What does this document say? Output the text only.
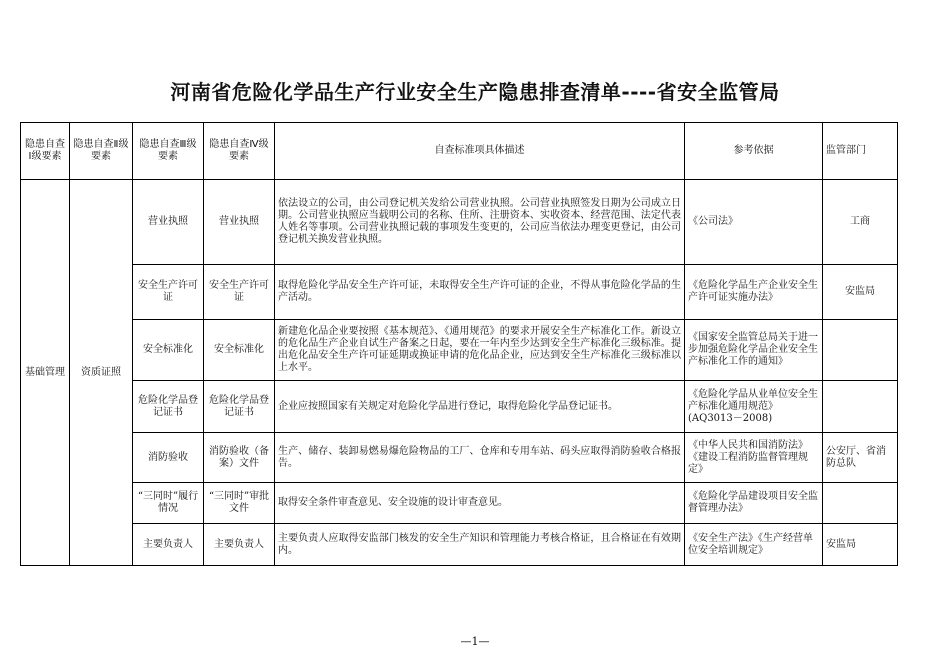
河南省危险化学品生产行业安全生产隐患排查清单----省安全监管局
隐患自查Ⅰ级要素	隐患自查Ⅱ级要素	隐患自查Ⅲ级要素	隐患自查Ⅳ级要素	自查标准项具体描述	参考依据	监管部门
基础管理	资质证照	营业执照	营业执照	依法设立的公司，由公司登记机关发给公司营业执照。公司营业执照签发日期为公司成立日期。公司营业执照应当载明公司的名称、住所、注册资本、实收资本、经营范围、法定代表人姓名等事项。公司营业执照记载的事项发生变更的，公司应当依法办理变更登记，由公司登记机关换发营业执照。	《公司法》	工商
		安全生产许可证	安全生产许可证	取得危险化学品安全生产许可证，未取得安全生产许可证的企业，不得从事危险化学品的生产活动。	《危险化学品生产企业安全生产许可证实施办法》	安监局
		安全标准化	安全标准化	新建危化品企业要按照《基本规范》、《通用规范》的要求开展安全生产标准化工作。新设立的危化品生产企业自试生产备案之日起，要在一年内至少达到安全生产标准化三级标准。提出危化品安全生产许可证延期或换证申请的危化品企业，应达到安全生产标准化三级标准以上水平。	《国家安全监管总局关于进一步加强危险化学品企业安全生产标准化工作的通知》	
		危险化学品登记证书	危险化学品登记证书	企业应按照国家有关规定对危险化学品进行登记，取得危险化学品登记证书。	《危险化学品从业单位安全生产标准化通用规范》(AQ3013－2008)	
		消防验收	消防验收（备案）文件	生产、储存、装卸易燃易爆危险物品的工厂、仓库和专用车站、码头应取得消防验收合格报告。	《中华人民共和国消防法》《建设工程消防监督管理规定》	公安厅、省消防总队
		“三同时”履行情况	“三同时”审批文件	取得安全条件审查意见、安全设施的设计审查意见。	《危险化学品建设项目安全监督管理办法》	
		主要负责人	主要负责人	主要负责人应取得安监部门核发的安全生产知识和管理能力考核合格证，且合格证在有效期内。	《安全生产法》《生产经营单位安全培训规定》	安监局
—1—
